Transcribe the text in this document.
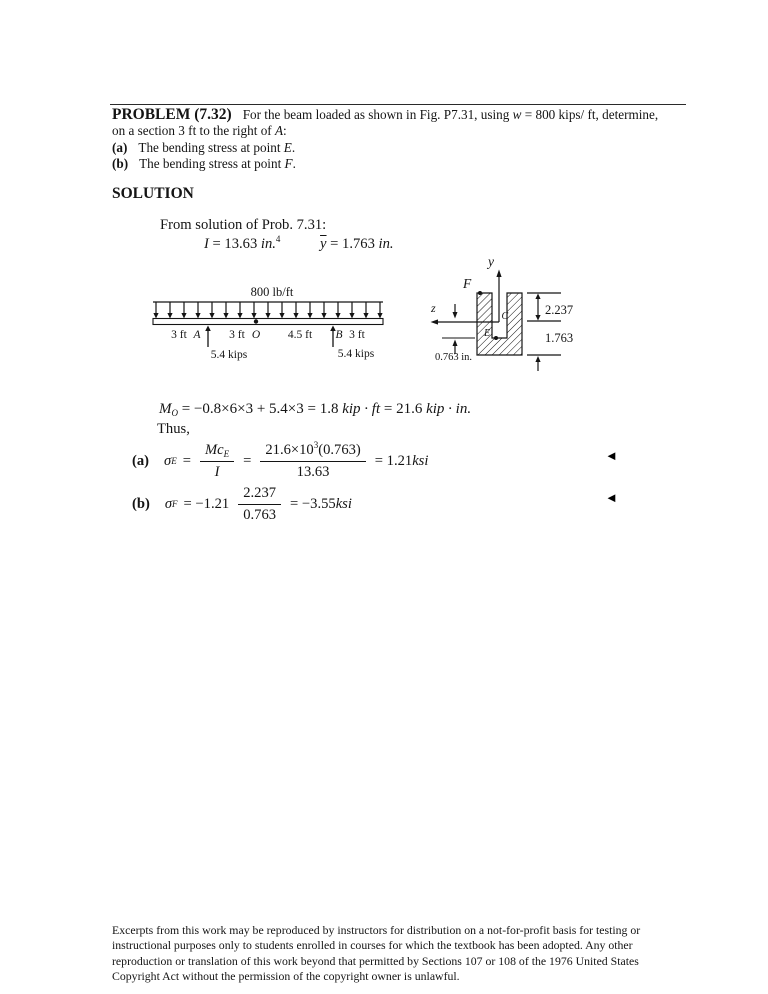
PROBLEM (7.32) For the beam loaded as shown in Fig. P7.31, using w = 800 kips/ ft, determine,
on a section 3 ft to the right of A:
(a) The bending stress at point E.
(b) The bending stress at point F.
SOLUTION
From solution of Prob. 7.31:
I = 13.63 in.$^4$	$\overline{y} = 1.763$ in.
800 lb/ft
3 ft A 3 ft O 4.5 ft B 3 ft
5.4 kips	5.4 kips
y
z
F
C
E
0.763 in.
2.237
1.763
$M_O = -0.8\times 6\times 3 + 5.4\times 3 = 1.8$ kip · ft = 21.6 kip · in.
Thus,
(a) σ $E = \frac{Mc_E}{I} = \frac{21.6\times 10^3(0.763)}{13.63} = 1.21$ ksi	◄
(b) σ $F = -1.21 \frac{2.237}{0.763} = -3.55$ ksi	◄
Excerpts from this work may be reproduced by instructors for distribution on a not-for-profit basis for testing or
instructional purposes only to students enrolled in courses for which the textbook has been adopted. Any other
reproduction or translation of this work beyond that permitted by Sections 107 or 108 of the 1976 United States
Copyright Act without the permission of the copyright owner is unlawful.
